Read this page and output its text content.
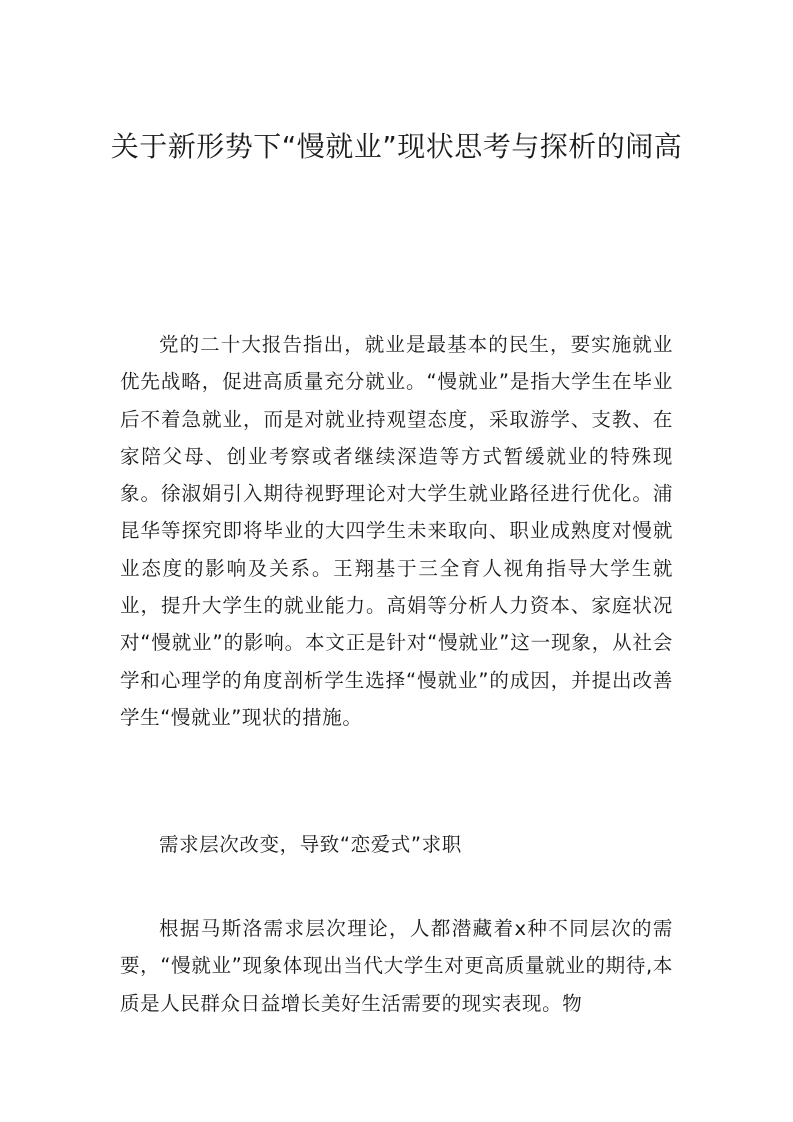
关于新形势下“慢就业”现状思考与探析的闹高

党的二十大报告指出，就业是最基本的民生，要实施就业优先战略，促进高质量充分就业。“慢就业”是指大学生在毕业后不着急就业，而是对就业持观望态度，采取游学、支教、在家陪父母、创业考察或者继续深造等方式暂缓就业的特殊现象。徐淑娟引入期待视野理论对大学生就业路径进行优化。浦昆华等探究即将毕业的大四学生未来取向、职业成熟度对慢就业态度的影响及关系。王翔基于三全育人视角指导大学生就业，提升大学生的就业能力。高娟等分析人力资本、家庭状况对“慢就业”的影响。本文正是针对“慢就业”这一现象，从社会学和心理学的角度剖析学生选择“慢就业”的成因，并提出改善学生“慢就业”现状的措施。

需求层次改变，导致“恋爱式”求职

根据马斯洛需求层次理论，人都潜藏着x种不同层次的需要，“慢就业”现象体现出当代大学生对更高质量就业的期待,本质是人民群众日益增长美好生活需要的现实表现。物
